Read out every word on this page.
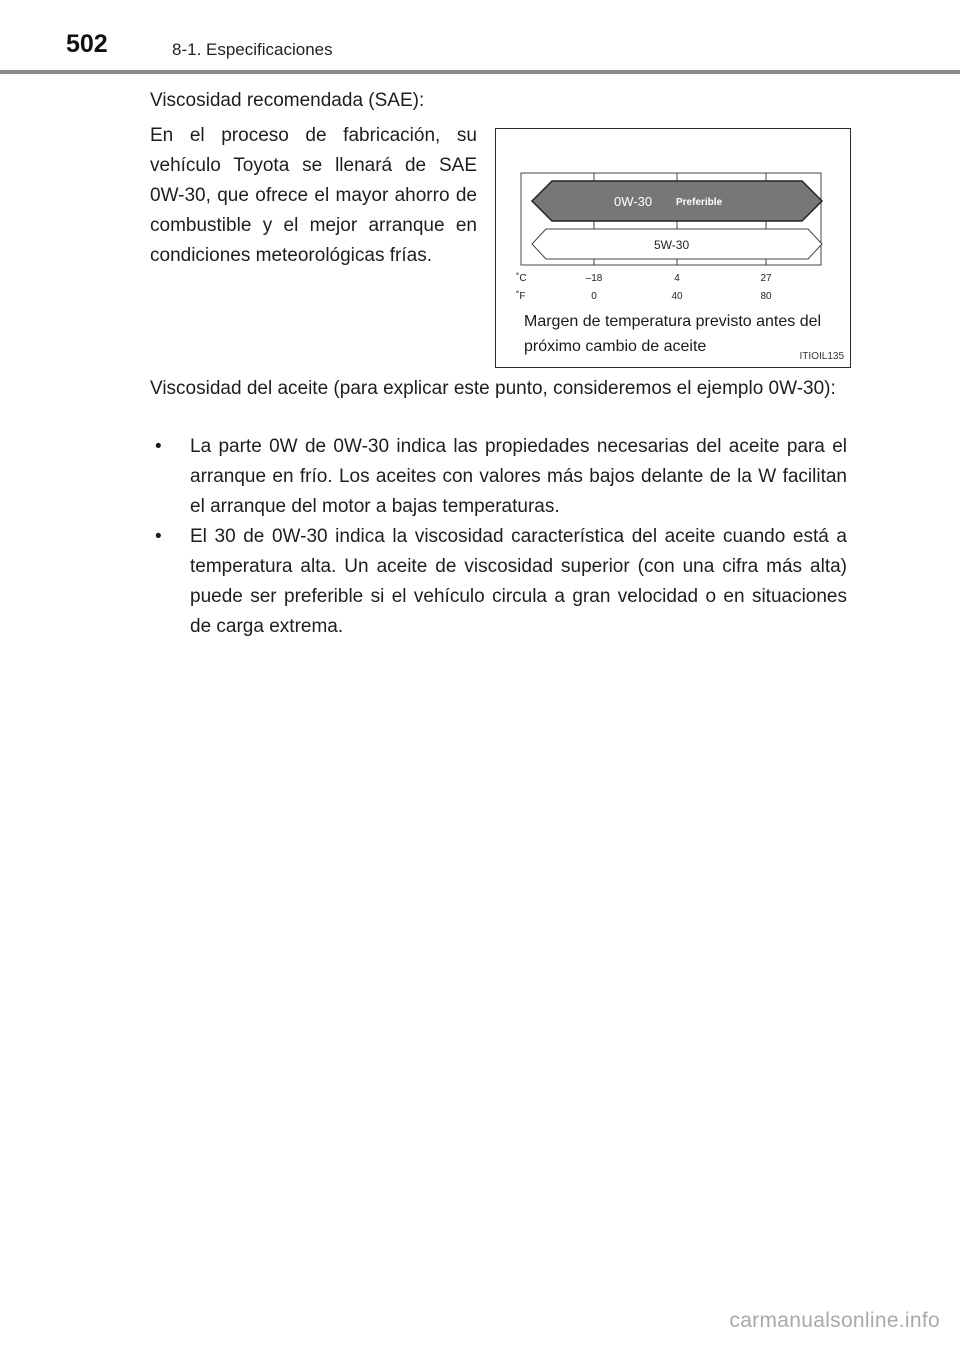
502	8-1. Especificaciones
Viscosidad recomendada (SAE):
En el proceso de fabricación, su vehículo Toyota se llenará de SAE 0W-30, que ofrece el mayor ahorro de combustible y el mejor arranque en condiciones meteorológicas frías.
0W-30 Preferible
5W-30
˚C
˚F
–18	4	27
0	40	80
Margen de temperatura previsto antes del próximo cambio de aceite
ITIOIL135
Viscosidad del aceite (para explicar este punto, consideremos el ejemplo 0W-30):
• La parte 0W de 0W-30 indica las propiedades necesarias del aceite para el arranque en frío. Los aceites con valores más bajos delante de la W facilitan el arranque del motor a bajas temperaturas.
• El 30 de 0W-30 indica la viscosidad característica del aceite cuando está a temperatura alta. Un aceite de viscosidad superior (con una cifra más alta) puede ser preferible si el vehículo circula a gran velocidad o en situaciones de carga extrema.
carmanualsonline.info
